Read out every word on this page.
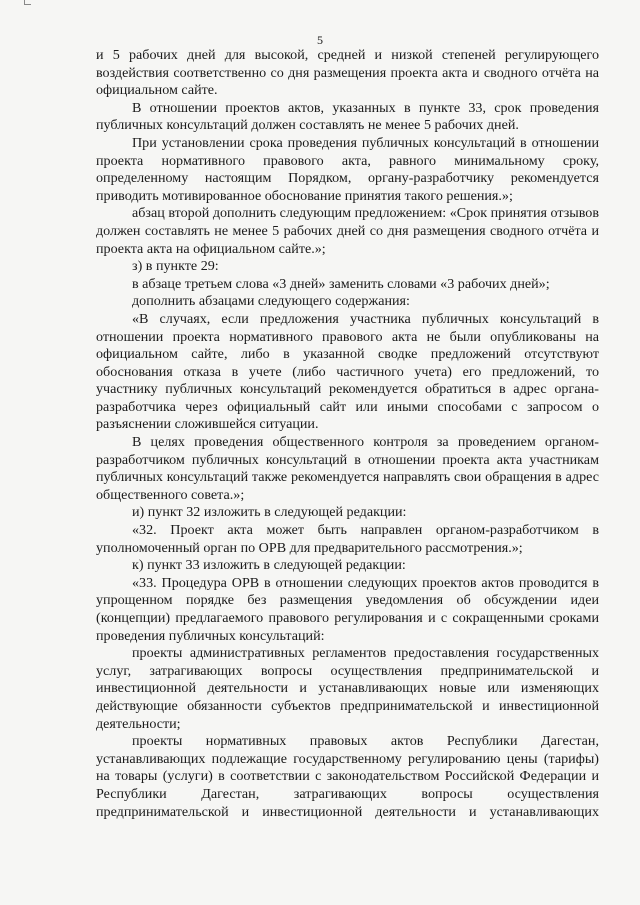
5

и 5 рабочих дней для высокой, средней и низкой степеней регулирующего воздействия соответственно со дня размещения проекта акта и сводного отчёта на официальном сайте.

В отношении проектов актов, указанных в пункте 33, срок проведения публичных консультаций должен составлять не менее 5 рабочих дней.

При установлении срока проведения публичных консультаций в отношении проекта нормативного правового акта, равного минимальному сроку, определенному настоящим Порядком, органу-разработчику рекомендуется приводить мотивированное обоснование принятия такого решения.»;

абзац второй дополнить следующим предложением: «Срок принятия отзывов должен составлять не менее 5 рабочих дней со дня размещения сводного отчёта и проекта акта на официальном сайте.»;

з) в пункте 29:

в абзаце третьем слова «3 дней» заменить словами «3 рабочих дней»;

дополнить абзацами следующего содержания:

«В случаях, если предложения участника публичных консультаций в отношении проекта нормативного правового акта не были опубликованы на официальном сайте, либо в указанной сводке предложений отсутствуют обоснования отказа в учете (либо частичного учета) его предложений, то участнику публичных консультаций рекомендуется обратиться в адрес органа-разработчика через официальный сайт или иными способами с запросом о разъяснении сложившейся ситуации.

В целях проведения общественного контроля за проведением органом-разработчиком публичных консультаций в отношении проекта акта участникам публичных консультаций также рекомендуется направлять свои обращения в адрес общественного совета.»;

и) пункт 32 изложить в следующей редакции:

«32. Проект акта может быть направлен органом-разработчиком в уполномоченный орган по ОРВ для предварительного рассмотрения.»;

к) пункт 33 изложить в следующей редакции:

«33. Процедура ОРВ в отношении следующих проектов актов проводится в упрощенном порядке без размещения уведомления об обсуждении идеи (концепции) предлагаемого правового регулирования и с сокращенными сроками проведения публичных консультаций:

проекты административных регламентов предоставления государственных услуг, затрагивающих вопросы осуществления предпринимательской и инвестиционной деятельности и устанавливающих новые или изменяющих действующие обязанности субъектов предпринимательской и инвестиционной деятельности;

проекты нормативных правовых актов Республики Дагестан, устанавливающих подлежащие государственному регулированию цены (тарифы) на товары (услуги) в соответствии с законодательством Российской Федерации и Республики Дагестан, затрагивающих вопросы осуществления предпринимательской и инвестиционной деятельности и устанавливающих
